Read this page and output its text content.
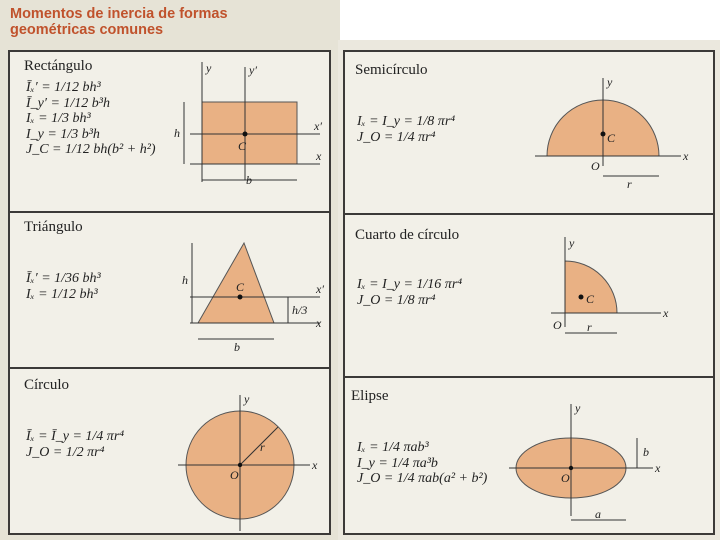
Momentos de inercia de formas
geométricas comunes
Rectángulo
Īₓ′ = 1/12 bh³
Ī_y′ = 1/12 b³h
Iₓ = 1/3 bh³
I_y = 1/3 b³h
J_C = 1/12 bh(b² + h²)	C
y	y′
x′
x
h
b
Triángulo
Īₓ′ = 1/36 bh³
Iₓ = 1/12 bh³	C	x′
x
h
h/3
b
Círculo
Īₓ = Ī_y = 1/4 πr⁴
J_O = 1/2 πr⁴
O
r
y
x
Semicírculo
Iₓ = I_y = 1/8 πr⁴
J_O = 1/4 πr⁴	C
O
y
x
r
Cuarto de círculo
Iₓ = I_y = 1/16 πr⁴
J_O = 1/8 πr⁴	C
O
y
x
r
Elipse
Iₓ = 1/4 πab³
I_y = 1/4 πa³b
J_O = 1/4 πab(a² + b²)	O
y
x
b
a
